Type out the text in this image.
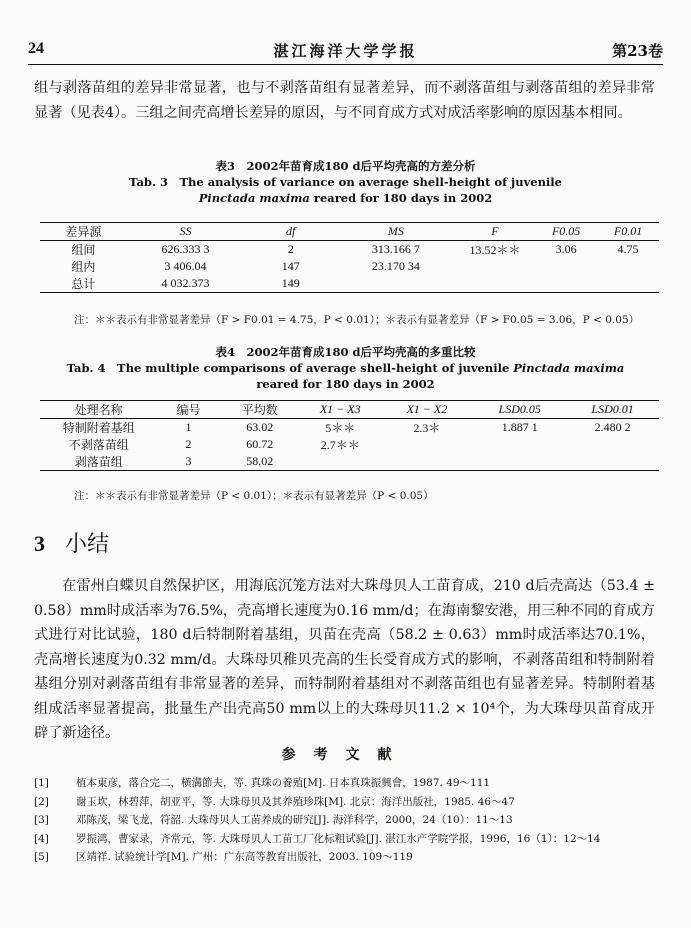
24	湛江海洋大学学报	第23卷
组与剥落苗组的差异非常显著，也与不剥落苗组有显著差异，而不剥落苗组与剥落苗组的差异非常显著（见表4）。三组之间壳高增长差异的原因，与不同育成方式对成活率影响的原因基本相同。
表3　2002年苗育成180 d后平均壳高的方差分析
Tab. 3　The analysis of variance on average shell-height of juvenile
Pinctada maxima reared for 180 days in 2002
差异源	SS	df	MS	F	F0.05	F0.01
组间	626.333 3	2	313.166 7	13.52＊＊	3.06	4.75
组内	3 406.04	147	23.170 34			
总计	4 032.373	149				
注：＊＊表示有非常显著差异（F > F0.01 = 4.75，P < 0.01）；＊表示有显著差异（F > F0.05 = 3.06，P < 0.05）
表4　2002年苗育成180 d后平均壳高的多重比较
Tab. 4　The multiple comparisons of average shell-height of juvenile Pinctada maxima
reared for 180 days in 2002
处理名称	编号	平均数	X1 − X3	X1 − X2	LSD0.05	LSD0.01
特制附着基组	1	63.02	5＊＊	2.3＊	1.887 1	2.480 2
不剥落苗组	2	60.72	2.7＊＊			
剥落苗组	3	58.02				
注：＊＊表示有非常显著差异（P < 0.01）；＊表示有显著差异（P < 0.05）
3 小结
在雷州白蝶贝自然保护区，用海底沉笼方法对大珠母贝人工苗育成，210 d后壳高达（53.4 ± 0.58）mm时成活率为76.5%，壳高增长速度为0.16 mm/d；在海南黎安港，用三种不同的育成方式进行对比试验，180 d后特制附着基组，贝苗在壳高（58.2 ± 0.63）mm时成活率达70.1%，壳高增长速度为0.32 mm/d。大珠母贝稚贝壳高的生长受育成方式的影响，不剥落苗组和特制附着基组分别对剥落苗组有非常显著的差异，而特制附着基组对不剥落苗组也有显著差异。特制附着基组成活率显著提高，批量生产出壳高50 mm以上的大珠母贝11.2 × 10⁴个，为大珠母贝苗育成开辟了新途径。
参考文献
[1]	植本東彦，落合完二，横溝節夫，等. 真珠の養殖[M]. 日本真珠振興會，1987. 49～111
[2]	谢玉坎，林碧萍，胡亚平，等. 大珠母贝及其养殖珍珠[M]. 北京：海洋出版社，1985. 46～47
[3]	邓陈茂，梁飞龙，符韶. 大珠母贝人工苗养成的研究[J]. 海洋科学，2000，24（10）：11～13
[4]	罗振鸿，曹家录，齐常元，等. 大珠母贝人工苗工厂化标粗试验[J]. 湛江水产学院学报，1996，16（1）：12～14
[5]	区靖祥. 试验统计学[M]. 广州：广东高等教育出版社，2003. 109～119
